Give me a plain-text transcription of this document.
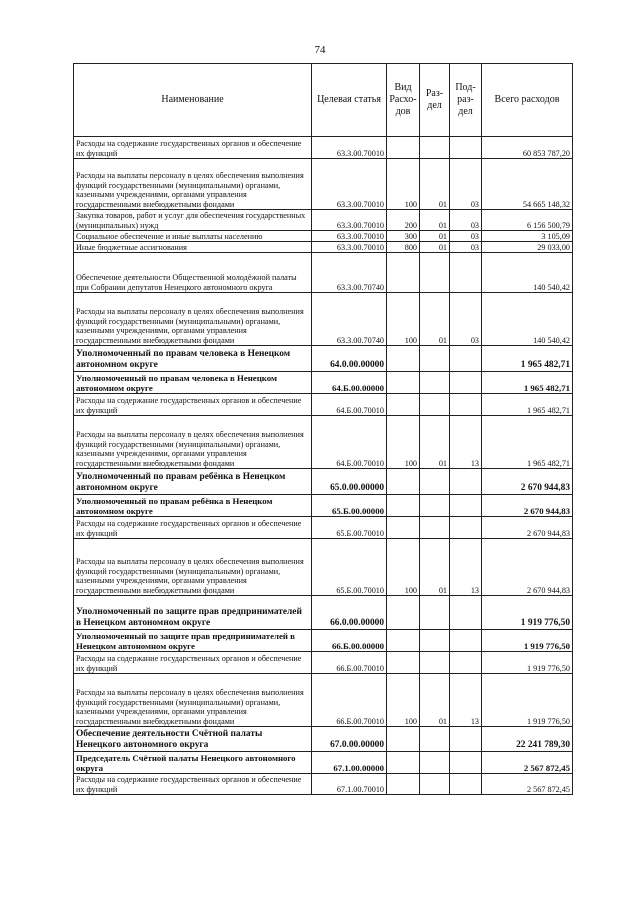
74
Наименование	Целевая статья	Вид Расхо-дов	Раз-дел	Под-раз-дел	Всего расходов
Расходы на содержание государственных органов и обеспечение их функций	63.3.00.70010				60 853 787,20
Расходы на выплаты персоналу в целях обеспечения выполнения функций государственными (муниципальными) органами, казенными учреждениями, органами управления государственными внебюджетными фондами	63.3.00.70010	100	01	03	54 665 148,32
Закупка товаров, работ и услуг для обеспечения государственных (муниципальных) нужд	63.3.00.70010	200	01	03	6 156 500,79
Социальное обеспечение и иные выплаты населению	63.3.00.70010	300	01	03	3 105,09
Иные бюджетные ассигнования	63.3.00.70010	800	01	03	29 033,00
Обеспечение деятельности Общественной молодёжной палаты при Собрании депутатов Ненецкого автономного округа	63.3.00.70740				140 540,42
Расходы на выплаты персоналу в целях обеспечения выполнения функций государственными (муниципальными) органами, казенными учреждениями, органами управления государственными внебюджетными фондами	63.3.00.70740	100	01	03	140 540,42
Уполномоченный по правам человека в Ненецком автономном округе	64.0.00.00000				1 965 482,71
Уполномоченный по правам человека в Ненецком автономном округе	64.Б.00.00000				1 965 482,71
Расходы на содержание государственных органов и обеспечение их функций	64.Б.00.70010				1 965 482,71
Расходы на выплаты персоналу в целях обеспечения выполнения функций государственными (муниципальными) органами, казенными учреждениями, органами управления государственными внебюджетными фондами	64.Б.00.70010	100	01	13	1 965 482,71
Уполномоченный по правам ребёнка в Ненецком автономном округе	65.0.00.00000				2 670 944,83
Уполномоченный по правам ребёнка в Ненецком автономном округе	65.Б.00.00000				2 670 944,83
Расходы на содержание государственных органов и обеспечение их функций	65.Б.00.70010				2 670 944,83
Расходы на выплаты персоналу в целях обеспечения выполнения функций государственными (муниципальными) органами, казенными учреждениями, органами управления государственными внебюджетными фондами	65.Б.00.70010	100	01	13	2 670 944,83
Уполномоченный по защите прав предпринимателей в Ненецком автономном округе	66.0.00.00000				1 919 776,50
Уполномоченный по защите прав предпринимателей в Ненецком автономном округе	66.Б.00.00000				1 919 776,50
Расходы на содержание государственных органов и обеспечение их функций	66.Б.00.70010				1 919 776,50
Расходы на выплаты персоналу в целях обеспечения выполнения функций государственными (муниципальными) органами, казенными учреждениями, органами управления государственными внебюджетными фондами	66.Б.00.70010	100	01	13	1 919 776,50
Обеспечение деятельности Счётной палаты Ненецкого автономного округа	67.0.00.00000				22 241 789,30
Председатель Счётной палаты Ненецкого автономного округа	67.1.00.00000				2 567 872,45
Расходы на содержание государственных органов и обеспечение их функций	67.1.00.70010				2 567 872,45
